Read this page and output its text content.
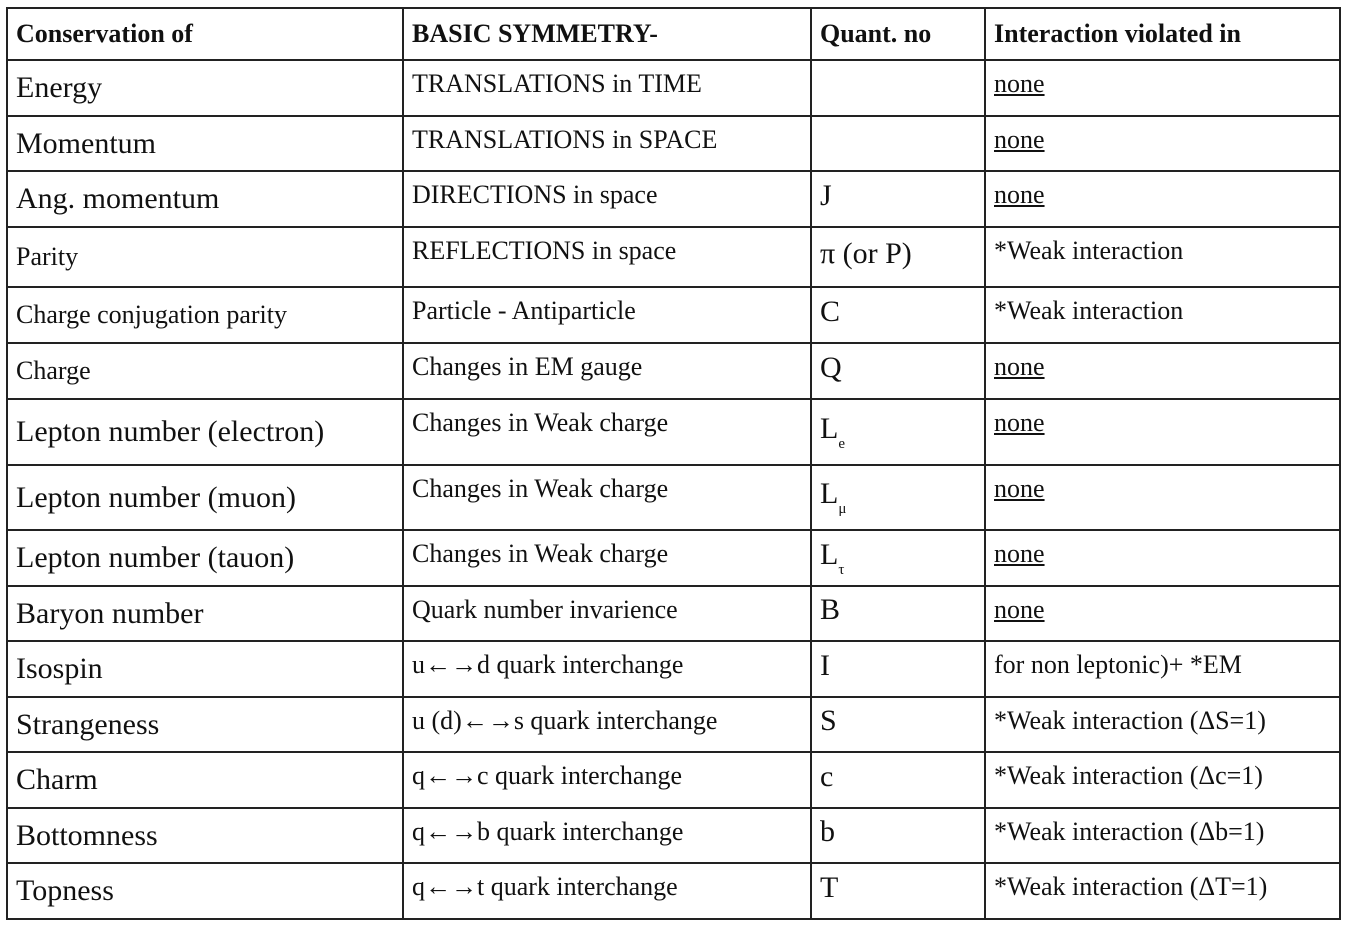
Conservation of	BASIC SYMMETRY-	Quant. no	Interaction violated in
Energy	TRANSLATIONS in TIME		none
Momentum	TRANSLATIONS in SPACE		none
Ang. momentum	DIRECTIONS in space	J	none
Parity	REFLECTIONS in space	π (or P)	*Weak interaction
Charge conjugation parity	Particle - Antiparticle	C	*Weak interaction
Charge	Changes in EM gauge	Q	none
Lepton number (electron)	Changes in Weak charge	$L_e$	none
Lepton number (muon)	Changes in Weak charge	$L_\mu$	none
Lepton number (tauon)	Changes in Weak charge	$L_\tau$	none
Baryon number	Quark number invarience	B	none
Isospin	u←→d quark interchange	I	for non leptonic)+ *EM
Strangeness	u (d)←→s quark interchange	S	*Weak interaction (ΔS=1)
Charm	q←→c quark interchange	c	*Weak interaction (Δc=1)
Bottomness	q←→b quark interchange	b	*Weak interaction (Δb=1)
Topness	q←→t quark interchange	T	*Weak interaction (ΔT=1)
